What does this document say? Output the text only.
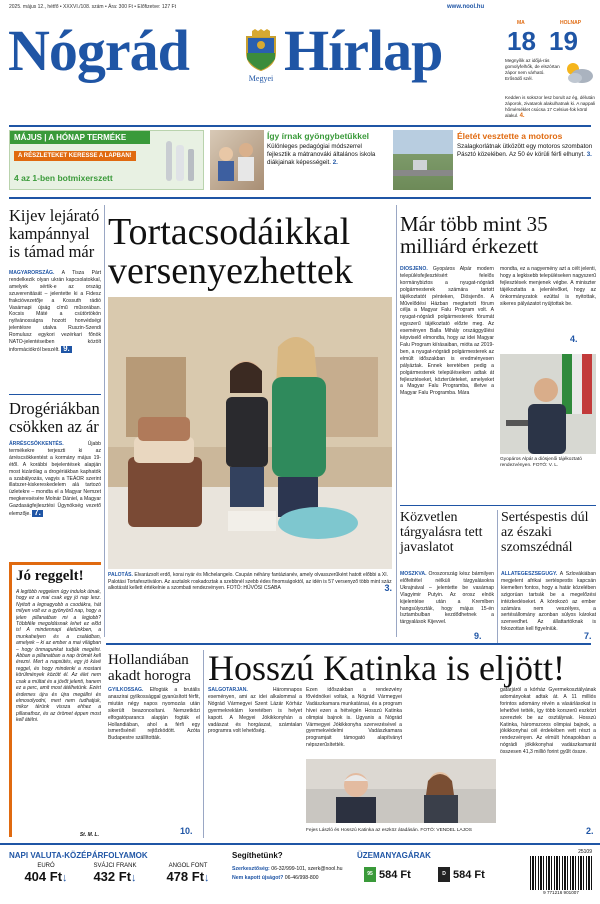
2025. május 12., hétfő • XXXVI./108. szám • Ára: 300 Ft • Előfizetve: 127 Ft	www.nool.hu
Nógrád	Megyei Hírlap	MA	HOLNAP
18 19
Megnyílik az időjá-rás gomolyfelhők, de elszórtan zápor nem várható. Erősödő szél.
Kedden is sokszor lesz borult az ég, délután záporok, zivatarok alakulhatnak ki. A nappali hőmérséklet csúcsa 17 Celsius-fok körül alakul. 4.
MÁJUS | A HÓNAP TERMÉKE
A RÉSZLETEKET KERESSE A LAPBAN!
4 az 1-ben botmixerszett
Így írnak gyöngybetűkkel
Különleges pedagógiai módszerrel fejlesztik a mátranováki általános iskola diákjainak képességeit. 2.
Életét vesztette a motoros
Szalagkorlátnak ütközött egy motoros szombaton Pásztó közelében. Az 50 év körüli férfi elhunyt. 3.
Kijev lejárató kampánnyal is támad már
MAGYARORSZÁG. A Tisza Párt rendelkezik olyan ukrán kapcsolatokkal, amelyek sértik-e az ország szuverenitását – jelentette ki a Fidesz frakcióvezetője a Kossuth rádió Vasárnapi újság című műsorában. Kocsis Máté a csütörtökön nyilvánosságra hozott honvédségi jelentésre utalva Ruszin-Szendi Romulusz egykori vezérkari főnök NATO-jelentéseiben közölt információkról beszélt. 9.
Drogériákban csökken az ár
ÁRRÉSCSÖKKENTÉS.	Újabb termékekre terjeszti ki az árréscsökkentést a kormány május 19-étől. A korábbi bejelentések alapján most kizárólag a drogériákban kaphatók a szabályozás, vagyis a TEÁOR szerint illatszer-kiskereskedelem alá tartozó üzletekre – mondta el a Magyar Nemzet megkeresésére Molnár Dániel, a Magyar Gazdaságfejlesztési Ügynökség vezető elemzője. 7.
Jó reggelt!
A legtöbb reggelem úgy indulok útnak, hogy ez a mai csak egy jó nap lesz. Nyitott a legnagyobb a csodákra, hát milyen volt ez a gyönyörű nap, hogy a jelen pillanatban mi a legjobb? Többféle megoldásnak lehet ez előd is! A mindennapi életünkben, a munkahelyen és a családban, amelyek – ki az ember a mai világban – hogy önmagunkat tudják megélni. Abban a pillanatban a nap örömét kell érezni. Mert a napsütés, egy jó kávé reggel, és hogy mindenki a mostani körülmények között él. Az élet nem csak a múltat és a jövőt jelenti, hanem ez a perc, amit most átélhetünk. Ezért érdemes újra és újra megállni és elmosolyodni, mert nem tudhatjuk, mikor térünk vissza ehhez a pillanathoz, és az örömet éppen most kell átélni.
St. M. L.
Tortacsodáikkal versenyezhettek
PALOTÁS. Elvarázsolt erdő, korai nyár és Michelangelo. Csupán néhány fantázianév, amely olvasszerűként hatott előbbi a XI. Palotási Tortafesztiválon. Az asztalok roskadoztak a szebbnél szebb édes finomságoktól, az idén is 57 versenyző több mint száz alkotását kellett értékelnie a szombati rendezvényen. FOTÓ: HŰVÖSI CSABA	3.
Már több mint 35 milliárd érkezett
DIÓSJENŐ. Gyopáros Alpár modern településfejlesztésért felelős kormánybiztos a nyugat-nógrádi polgármesterek számára tartott tájékoztatót pénteken, Diósjenőn. A Művelődési Házban megtartott fórum célja a Magyar Falu Program volt. A nyugat-nógrádi polgármesterek fórumát egyszerű tájékoztató előzte meg. Az eseményen Balla Mihály országgyűlési képviselő elmondta, hogy az idei Magyar Falu Program kiírásaiban, mióta az 2019-ben, a nyugat-nógrádi polgármesterek az elmúlt időszakban is eredményesen pályáztak. Ennek keretében pedig a polgármesterek településeiken adtak át fejlesztéseket, közterületeket, amelyeket a Magyar Falu Programba, illetve a Magyar Falu Programba. Mára
mondta, ez a nagyemény azt a célt jelenti, hogy a legkisebb településeken nagyszerű fejlesztések menjenek végbe. A miniszter tájékoztatta a jelenlévőket, hogy az önkormányzatok ezúttal is nyitottak, sikeres pályázatot nyújtottak be.
4.
Gyopáros Alpár a diósjenői tájékoztató rendezvényen. FOTÓ: V. L.
Közvetlen tárgyalásra tett javaslatot
MOSZKVA. Oroszország kész bármilyen előfeltétel nélküli tárgyalásokra Ukrajnával – jelentette be vasárnap Vlagyimir Putyin. Az orosz elnök kijelentése után a Kremlben hangsúlyozták, hogy május 15-én Isztambulban kezdődhetnek a tárgyalások Kijevvel.
9.
Sertéspestis dúl az északi szomszédnál
ÁLLATEGÉSZSÉGÜGY. A Szlovákiában megjelent afrikai sertéspestis kapcsán kiemelten fontos, hogy a határ közelében szigorúan tartsák be a megelőzési intézkedéseket. A kórokozó az ember számára nem veszélyes, a sertésállomány azonban súlyos károkat szenvedhet. Az állattartóknak is fokozottan kell figyelniük.
7.
Hollandiában akadt horogra
GYILKOSSÁG. Elfogták a brutális anaszirai gyilkossággal gyanúsított férfit, miután négy napos nyomozás után sikerült beazonosítani. Nemzetközi elfogatóparancs alapján fogták el Hollandiában, ahol a férfi egy ismerősénél rejtőzködött. Azóta Budapestre szállították.
10.
Hosszú Katinka is eljött!
SALGÓTARJÁN.	Háromnapos eseményen, ami az idei alkalommal a Nógrád Vármegyei Szent Lázár Kórház gyermekreklám keretében is helyet kapott. A Megyei Jókikkonyhán a vadászat és horgászat, számtalan programra volt lehetőség.
Ezen időszakban a rendezvény fővédnökei voltak, a Nógrád Vármegyei Vadászkamara munkatársai, és a program hívei ezen a hétvégén Hosszú Katinka olimpiai bajnok is. Ugyanis a Nógrád Vármegyei Jókikkonyha szervezésével a gyermekvédelmi Vadászkamara programjait támogató alapítványt népszerűsítették.
Fejes László és Hosszú Katinka az eszköz átadásán. FOTÓ: VENDEL LAJOS
gatárjáról a kórház Gyermekosztályának adományokat adtak át. A 11 milliós forintos adomány révén a vásárlásokat is lehetővé tették, így több korszerű eszközt szereztek be az osztálynak. Hosszú Katinka, háromszoros olimpiai bajnok, a jókikkonyhai cél érdekében vett részt a rendezvényen. Az elmúlt hónapokban a nógrádi jókikkonyhai vadászkamarát összesen 41,3 millió forint gyűlt össze.
2.
NAPI VALUTA-KÖZÉPÁRFOLYAMOK
EURÓ
404 Ft↓
SVÁJCI FRANK
432 Ft↓
ANGOL FONT
478 Ft↓
Segíthetünk?
Szerkesztőség: 06-32/999-101, szerk@nool.hu
Nem kapott újságot? 06-46/998-800
ÜZEMANYAGÁRAK
95 584 Ft	D 584 Ft
25109
9 771216 901007
